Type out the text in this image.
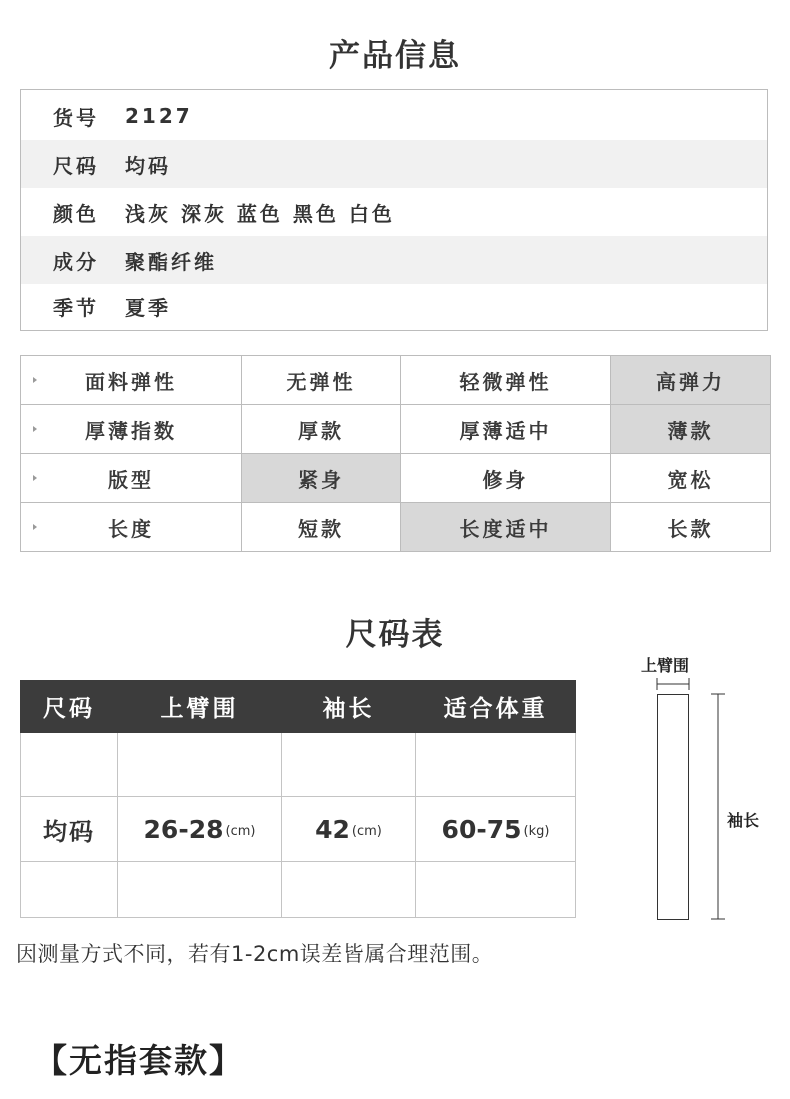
产品信息
货号 2127
尺码 均码
颜色 浅灰 深灰 蓝色 黑色 白色
成分 聚酯纤维
季节 夏季
面料弹性	无弹性	轻微弹性	高弹力

厚薄指数	厚款	厚薄适中	薄款

版型	紧身	修身	宽松

长度	短款	长度适中	长款
尺码表
尺码	上臂围	袖长	适合体重

均码	26-28 (cm)	42 (cm)	60-75 (kg)

上臂围
袖长
因测量方式不同，若有1-2cm误差皆属合理范围。
【无指套款】
